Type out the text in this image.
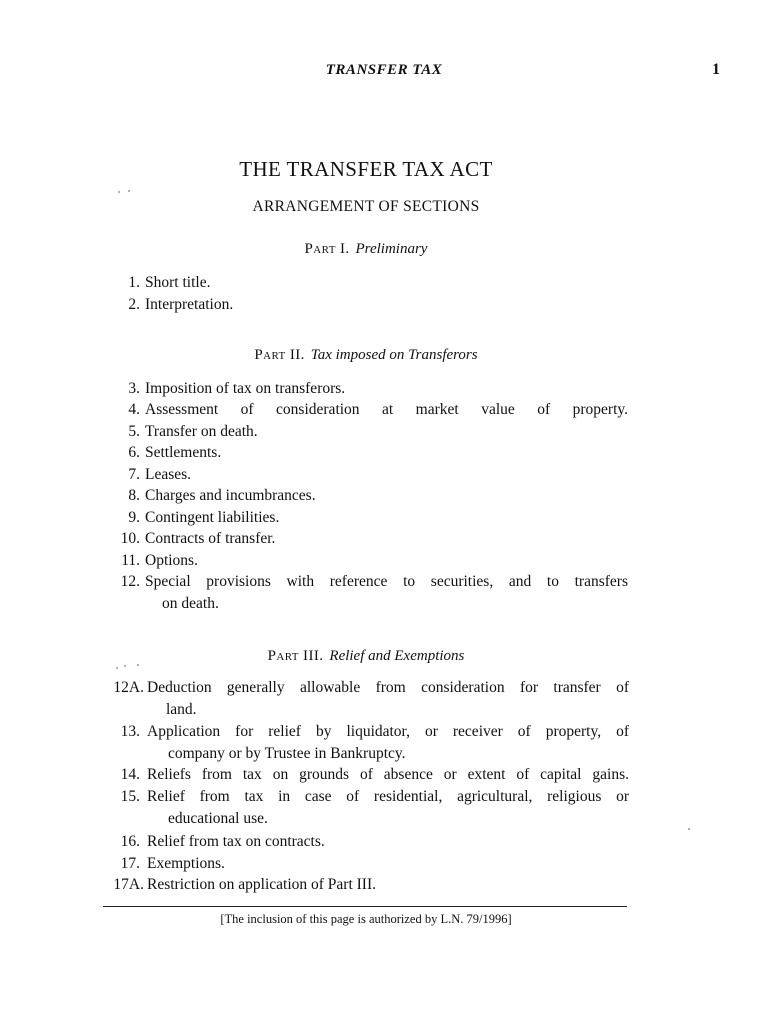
TRANSFER TAX	1
THE TRANSFER TAX ACT
ARRANGEMENT OF SECTIONS
Part I. Preliminary
1. Short title.
2. Interpretation.
Part II. Tax imposed on Transferors
3. Imposition of tax on transferors.
4. Assessment of consideration at market value of property.
5. Transfer on death.
6. Settlements.
7. Leases.
8. Charges and incumbrances.
9. Contingent liabilities.
10. Contracts of transfer.
11. Options.
12. Special provisions with reference to securities, and to transfers
on death.
Part III. Relief and Exemptions
12A. Deduction generally allowable from consideration for transfer of
land.
13. Application for relief by liquidator, or receiver of property, of
company or by Trustee in Bankruptcy.
14. Reliefs from tax on grounds of absence or extent of capital gains.
15. Relief from tax in case of residential, agricultural, religious or
educational use.
16. Relief from tax on contracts.
17. Exemptions.
17A. Restriction on application of Part III.
[The inclusion of this page is authorized by L.N. 79/1996]
